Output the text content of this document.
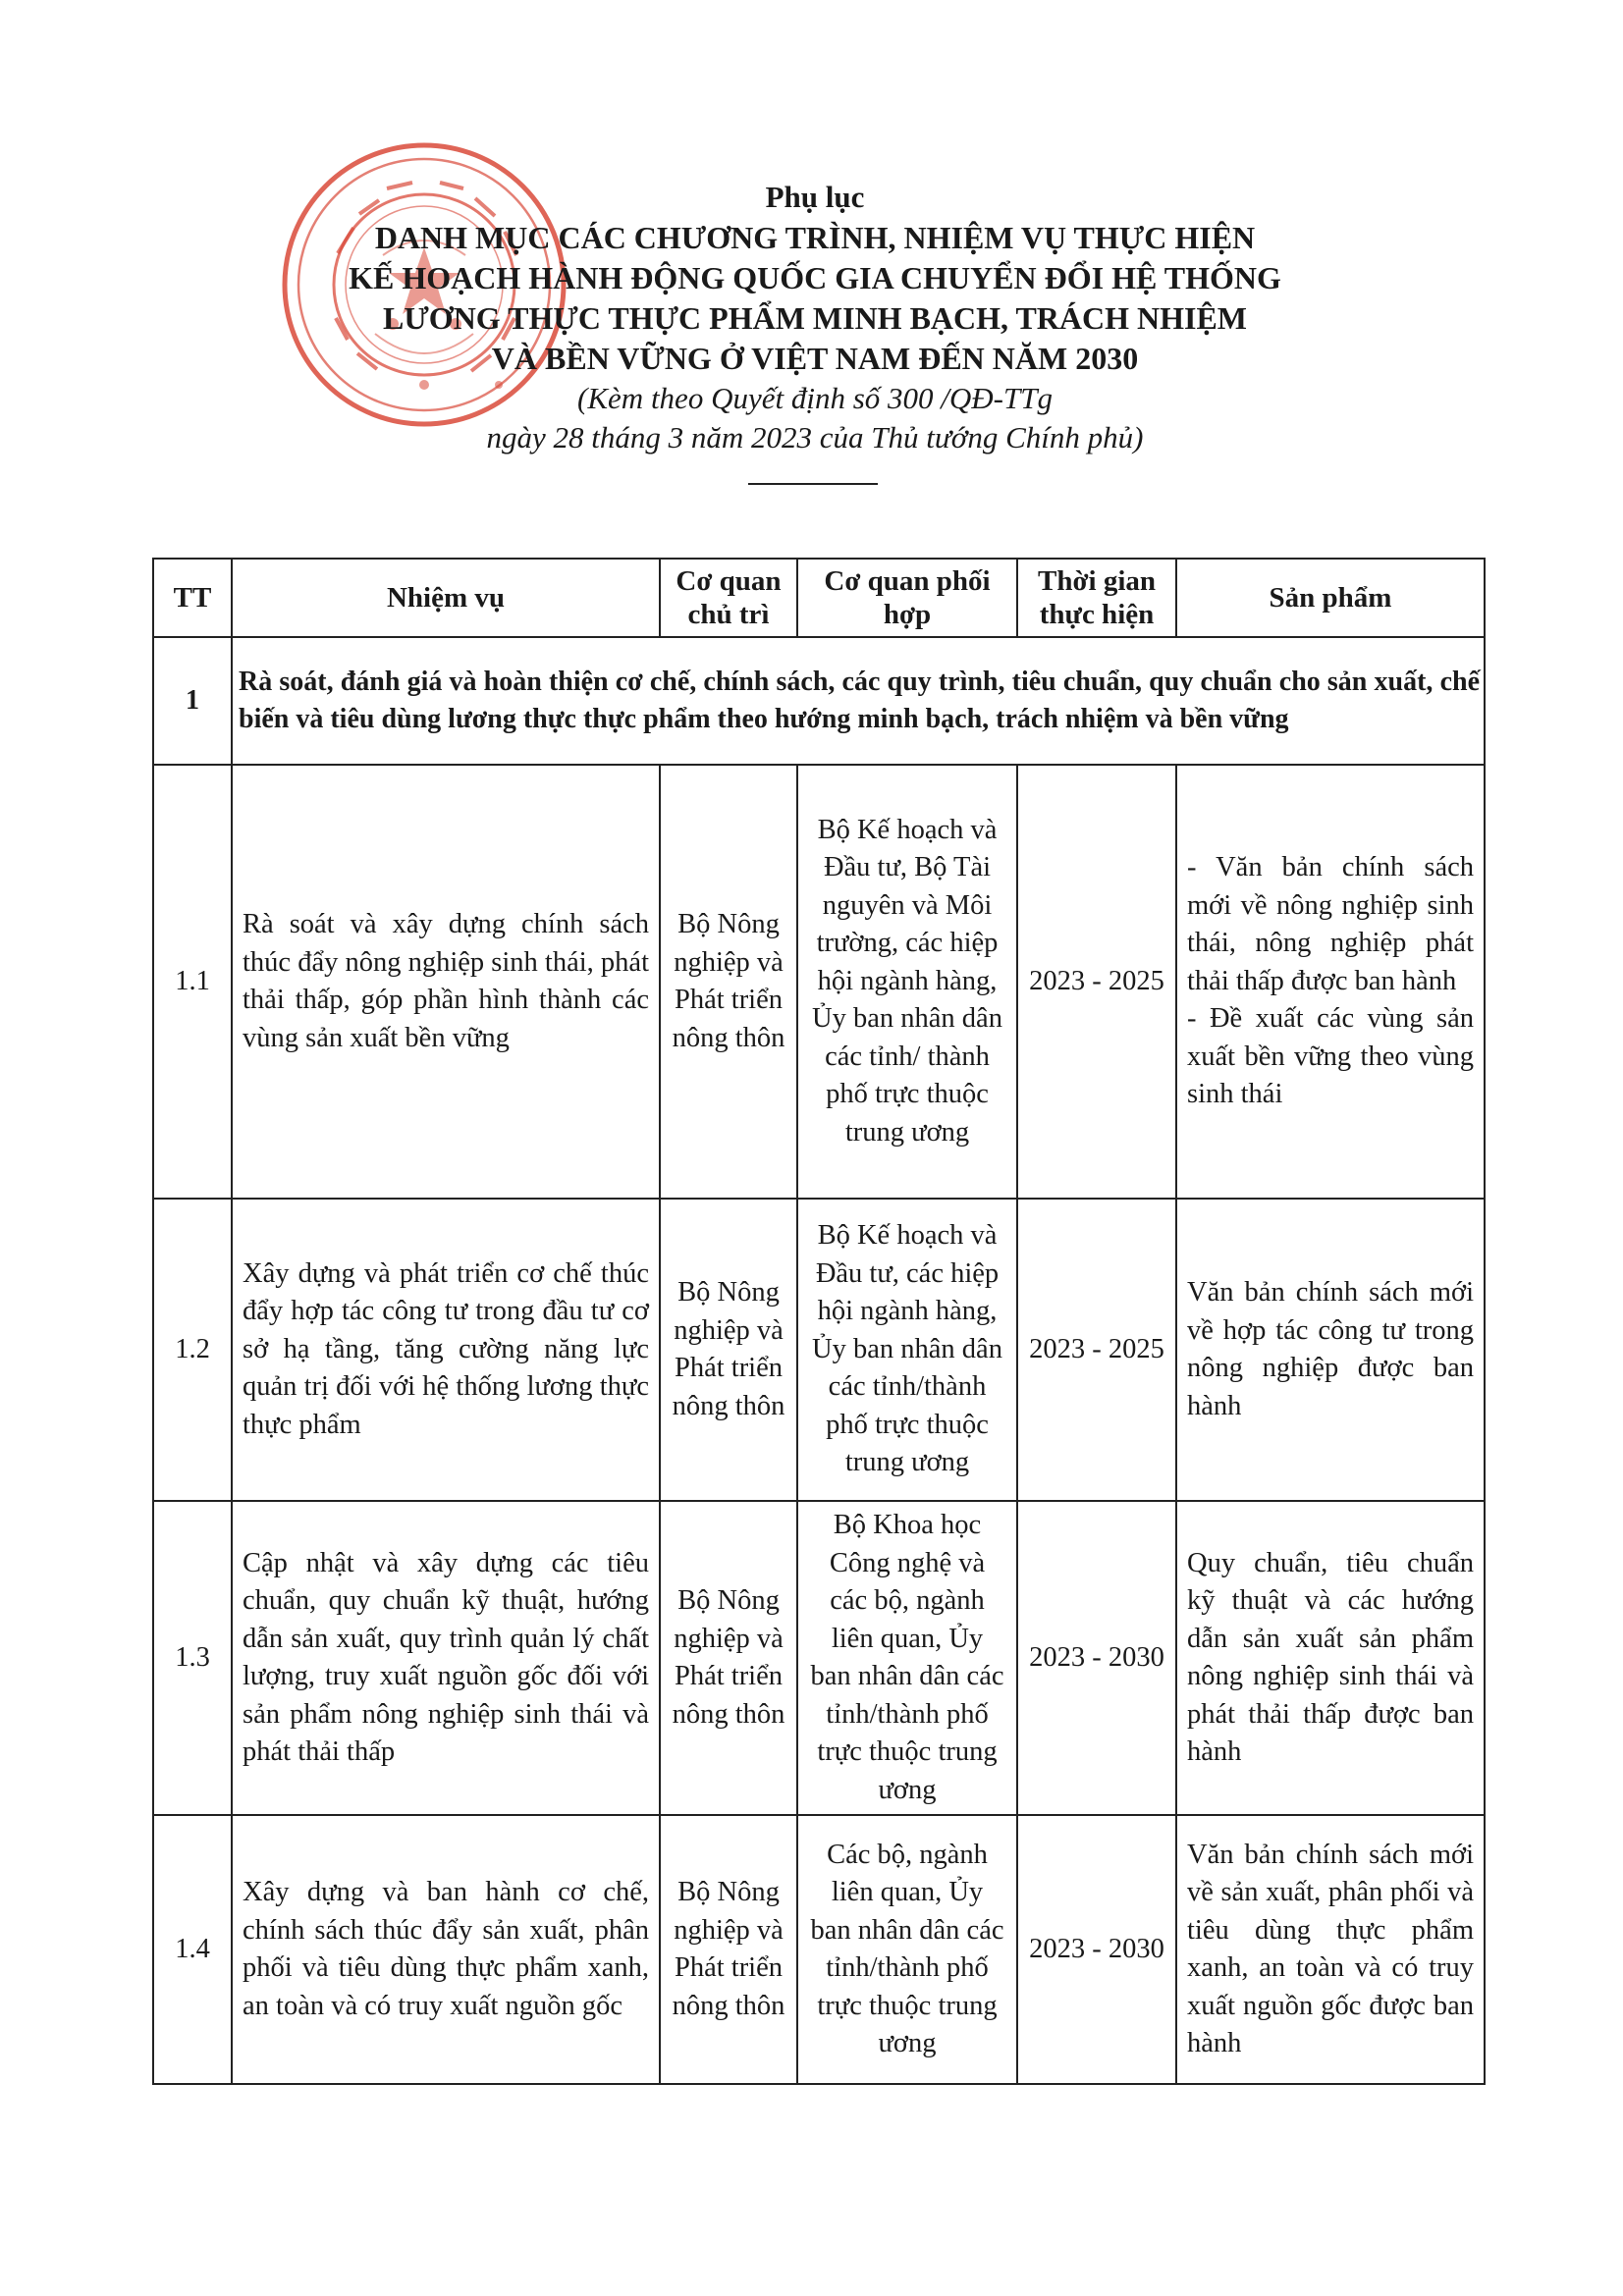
Phụ lục
DANH MỤC CÁC CHƯƠNG TRÌNH, NHIỆM VỤ THỰC HIỆN
KẾ HOẠCH HÀNH ĐỘNG QUỐC GIA CHUYỂN ĐỔI HỆ THỐNG
LƯƠNG THỰC THỰC PHẨM MINH BẠCH, TRÁCH NHIỆM
VÀ BỀN VỮNG Ở VIỆT NAM ĐẾN NĂM 2030
(Kèm theo Quyết định số 300 /QĐ-TTg
ngày 28 tháng 3 năm 2023 của Thủ tướng Chính phủ)
TT	Nhiệm vụ	Cơ quan chủ trì	Cơ quan phối hợp	Thời gian thực hiện	Sản phẩm
1	Rà soát, đánh giá và hoàn thiện cơ chế, chính sách, các quy trình, tiêu chuẩn, quy chuẩn cho sản xuất, chế biến và tiêu dùng lương thực thực phẩm theo hướng minh bạch, trách nhiệm và bền vững				
1.1	Rà soát và xây dựng chính sách thúc đẩy nông nghiệp sinh thái, phát thải thấp, góp phần hình thành các vùng sản xuất bền vững	Bộ Nông nghiệp và Phát triển nông thôn	Bộ Kế hoạch và Đầu tư, Bộ Tài nguyên và Môi trường, các hiệp hội ngành hàng, Ủy ban nhân dân các tỉnh/ thành phố trực thuộc trung ương	2023 - 2025	- Văn bản chính sách mới về nông nghiệp sinh thái, nông nghiệp phát thải thấp được ban hành
- Đề xuất các vùng sản xuất bền vững theo vùng sinh thái

1.2	Xây dựng và phát triển cơ chế thúc đẩy hợp tác công tư trong đầu tư cơ sở hạ tầng, tăng cường năng lực quản trị đối với hệ thống lương thực thực phẩm	Bộ Nông nghiệp và Phát triển nông thôn	Bộ Kế hoạch và Đầu tư, các hiệp hội ngành hàng, Ủy ban nhân dân các tỉnh/thành phố trực thuộc trung ương	2023 - 2025	Văn bản chính sách mới về hợp tác công tư trong nông nghiệp được ban hành
1.3	Cập nhật và xây dựng các tiêu chuẩn, quy chuẩn kỹ thuật, hướng dẫn sản xuất, quy trình quản lý chất lượng, truy xuất nguồn gốc đối với sản phẩm nông nghiệp sinh thái và phát thải thấp	Bộ Nông nghiệp và Phát triển nông thôn	Bộ Khoa học Công nghệ và các bộ, ngành liên quan, Ủy ban nhân dân các tỉnh/thành phố trực thuộc trung ương	2023 - 2030	Quy chuẩn, tiêu chuẩn kỹ thuật và các hướng dẫn sản xuất sản phẩm nông nghiệp sinh thái và phát thải thấp được ban hành
1.4	Xây dựng và ban hành cơ chế, chính sách thúc đẩy sản xuất, phân phối và tiêu dùng thực phẩm xanh, an toàn và có truy xuất nguồn gốc	Bộ Nông nghiệp và Phát triển nông thôn	Các bộ, ngành liên quan, Ủy ban nhân dân các tỉnh/thành phố trực thuộc trung ương	2023 - 2030	Văn bản chính sách mới về sản xuất, phân phối và tiêu dùng thực phẩm xanh, an toàn và có truy xuất nguồn gốc được ban hành
